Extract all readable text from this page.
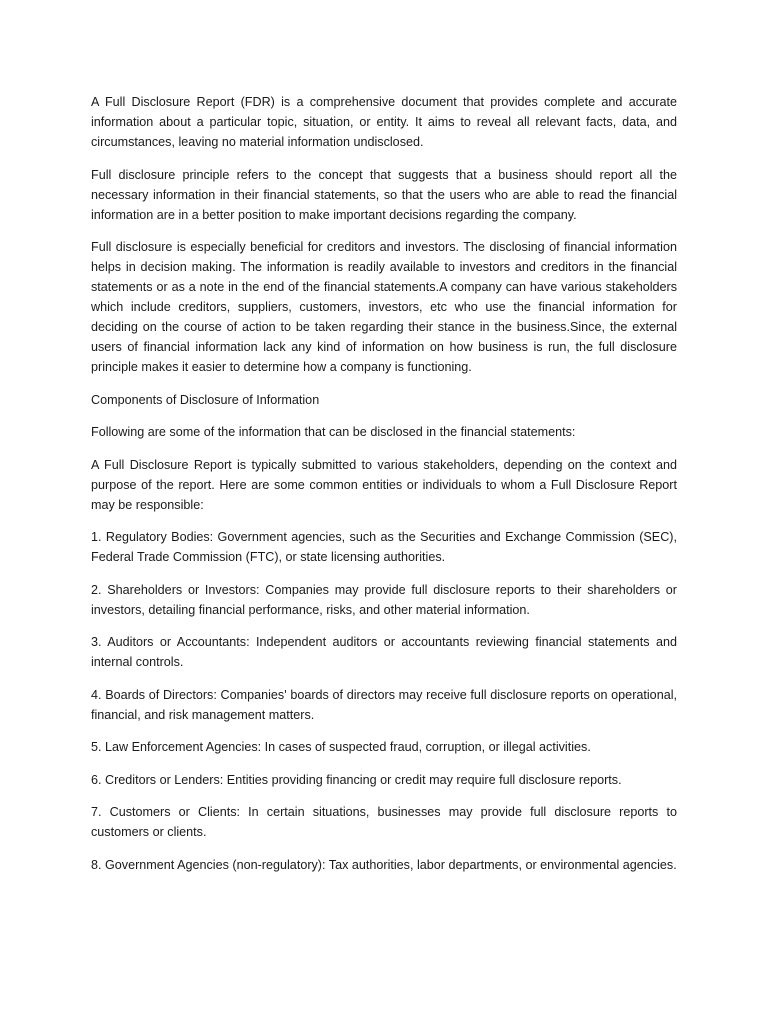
A Full Disclosure Report (FDR) is a comprehensive document that provides complete and accurate information about a particular topic, situation, or entity. It aims to reveal all relevant facts, data, and circumstances, leaving no material information undisclosed.

Full disclosure principle refers to the concept that suggests that a business should report all the necessary information in their financial statements, so that the users who are able to read the financial information are in a better position to make important decisions regarding the company.

Full disclosure is especially beneficial for creditors and investors. The disclosing of financial information helps in decision making. The information is readily available to investors and creditors in the financial statements or as a note in the end of the financial statements.A company can have various stakeholders which include creditors, suppliers, customers, investors, etc who use the financial information for deciding on the course of action to be taken regarding their stance in the business.Since, the external users of financial information lack any kind of information on how business is run, the full disclosure principle makes it easier to determine how a company is functioning.

Components of Disclosure of Information

Following are some of the information that can be disclosed in the financial statements:

A Full Disclosure Report is typically submitted to various stakeholders, depending on the context and purpose of the report. Here are some common entities or individuals to whom a Full Disclosure Report may be responsible:

1. Regulatory Bodies: Government agencies, such as the Securities and Exchange Commission (SEC), Federal Trade Commission (FTC), or state licensing authorities.

2. Shareholders or Investors: Companies may provide full disclosure reports to their shareholders or investors, detailing financial performance, risks, and other material information.

3. Auditors or Accountants: Independent auditors or accountants reviewing financial statements and internal controls.

4. Boards of Directors: Companies' boards of directors may receive full disclosure reports on operational, financial, and risk management matters.

5. Law Enforcement Agencies: In cases of suspected fraud, corruption, or illegal activities.

6. Creditors or Lenders: Entities providing financing or credit may require full disclosure reports.

7. Customers or Clients: In certain situations, businesses may provide full disclosure reports to customers or clients.

8. Government Agencies (non-regulatory): Tax authorities, labor departments, or environmental agencies.
